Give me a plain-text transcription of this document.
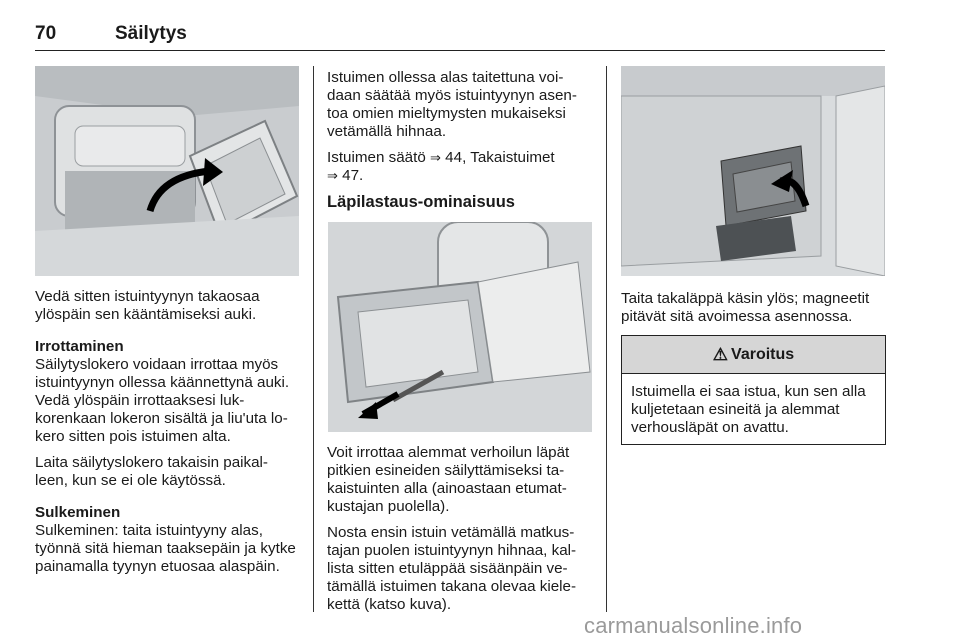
70	Säilytys

Vedä sitten istuintyynyn takaosaa ylöspäin sen kääntämiseksi auki.

Irrottaminen

Säilytyslokero voidaan irrottaa myös istuintyynyn ollessa käännettynä auki. Vedä ylöspäin irrottaaksesi luk-korenkaan lokeron sisältä ja liu'uta lo-kero sitten pois istuimen alta.

Laita säilytyslokero takaisin paikal-leen, kun se ei ole käytössä.

Sulkeminen

Sulkeminen: taita istuintyyny alas, työnnä sitä hieman taaksepäin ja kytke painamalla tyynyn etuosaa alaspäin.

Istuimen ollessa alas taitettuna voi-daan säätää myös istuintyynyn asen-toa omien mieltymysten mukaiseksi vetämällä hihnaa.

Istuimen säätö ⇒ 44, Takaistuimet
⇒ 47.

Läpilastaus-ominaisuus

Voit irrottaa alemmat verhoilun läpät pitkien esineiden säilyttämiseksi ta-kaistuinten alla (ainoastaan etumat-kustajan puolella).

Nosta ensin istuin vetämällä matkus-tajan puolen istuintyynyn hihnaa, kal-lista sitten etuläppää sisäänpäin ve-tämällä istuimen takana olevaa kiele-kettä (katso kuva).

Taita takaläppä käsin ylös; magneetit pitävät sitä avoimessa asennossa.

⚠ Varoitus
Istuimella ei saa istua, kun sen alla kuljetetaan esineitä ja alemmat verhousläpät on avattu.
carmanualsonline.info
